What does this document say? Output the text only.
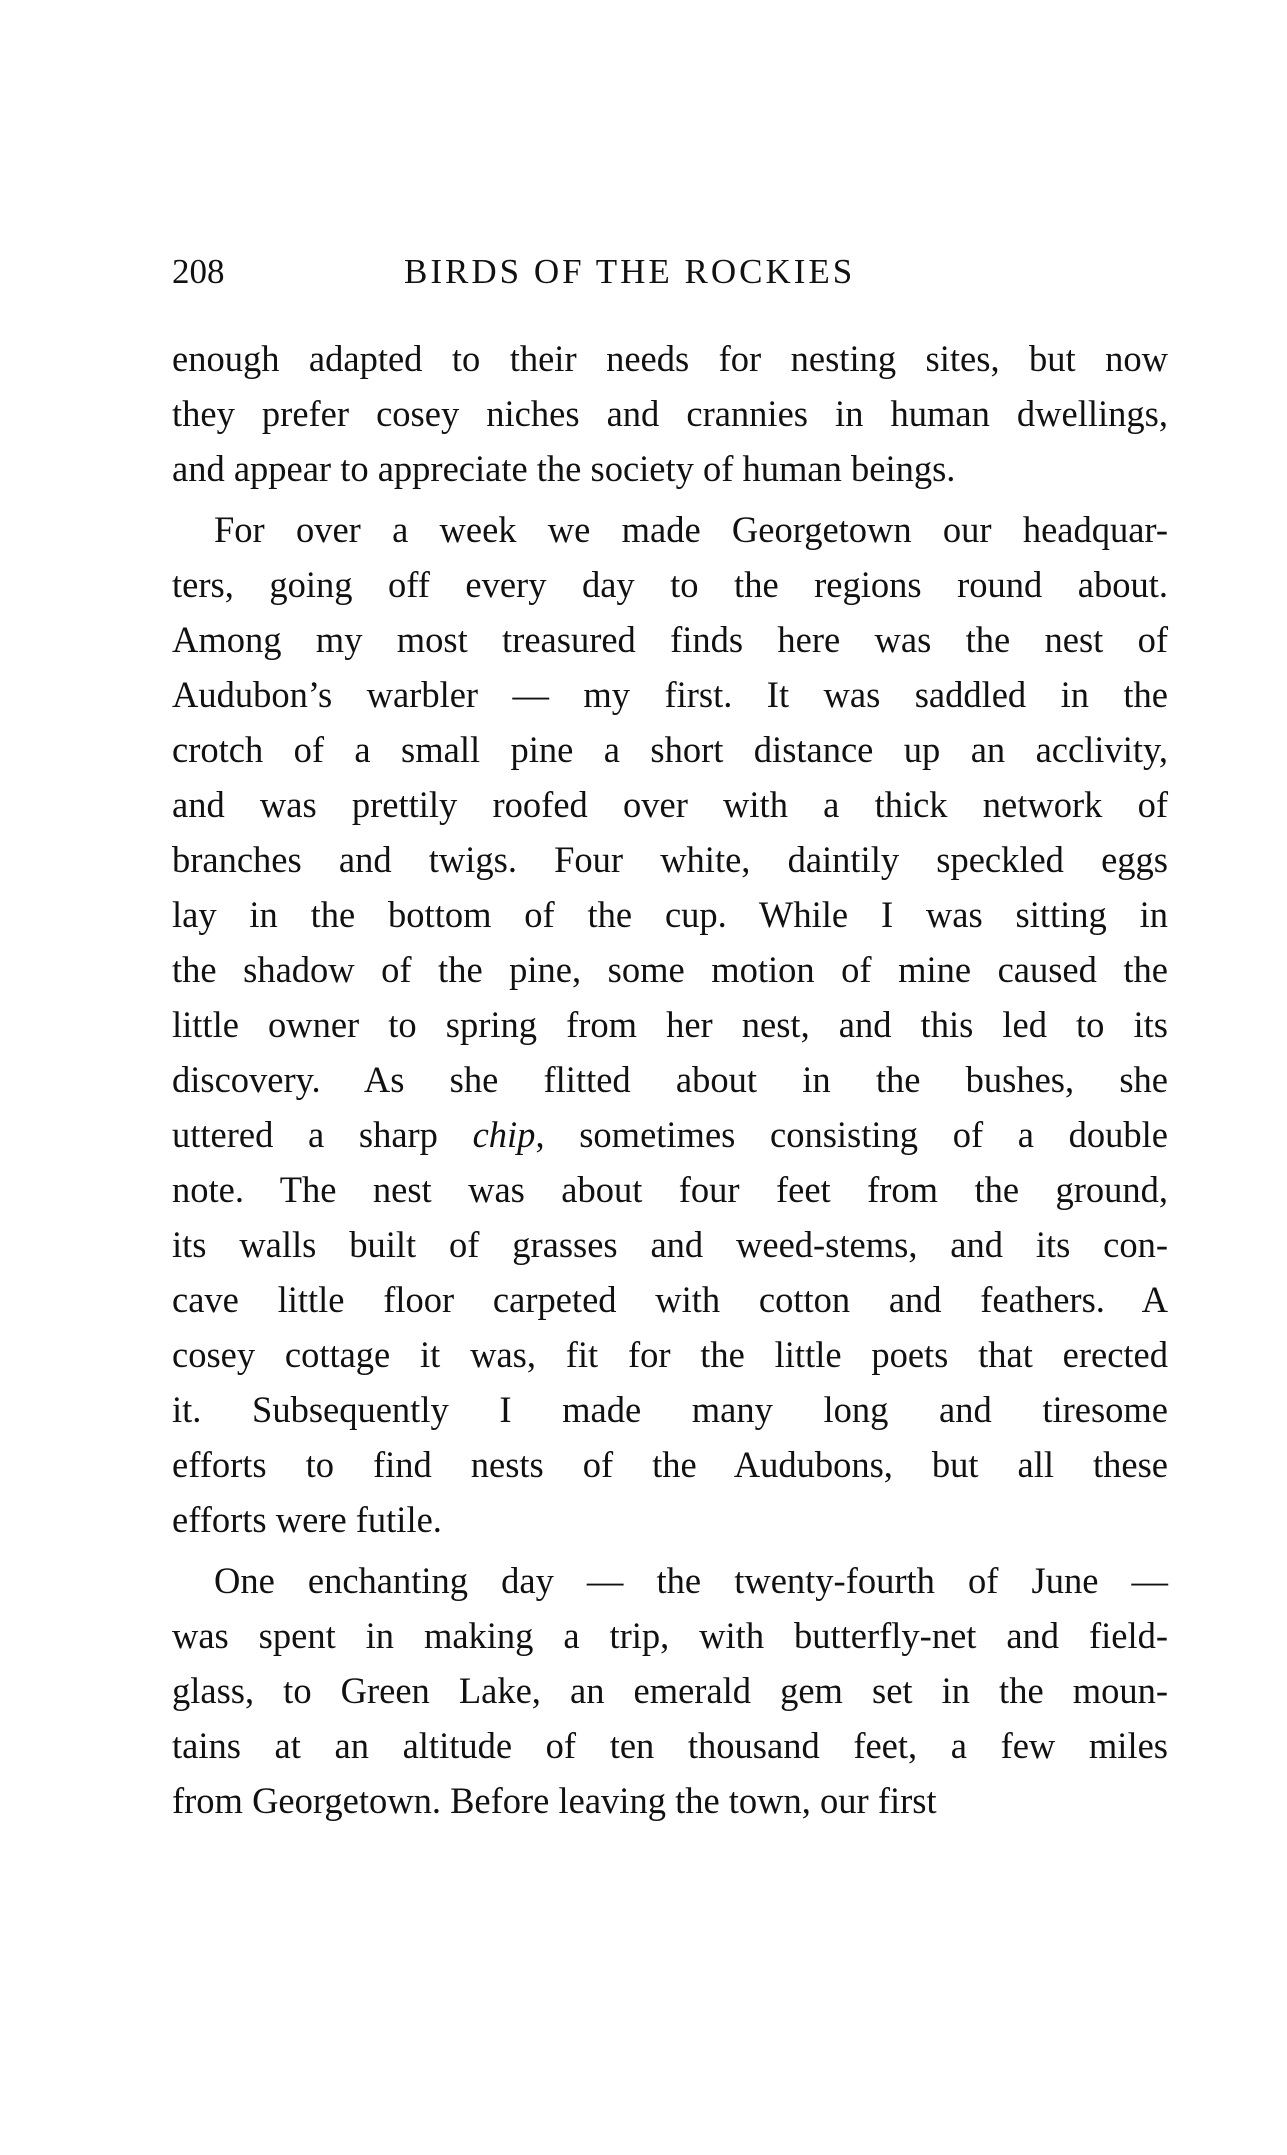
208	BIRDS OF THE ROCKIES
enough adapted to their needs for nesting sites, but now
they prefer cosey niches and crannies in human dwellings,
and appear to appreciate the society of human beings.
For over a week we made Georgetown our headquar-
ters, going off every day to the regions round about.
Among my most treasured finds here was the nest of
Audubon’s warbler — my first. It was saddled in the
crotch of a small pine a short distance up an acclivity,
and was prettily roofed over with a thick network of
branches and twigs. Four white, daintily speckled eggs
lay in the bottom of the cup. While I was sitting in
the shadow of the pine, some motion of mine caused the
little owner to spring from her nest, and this led to its
discovery. As she flitted about in the bushes, she
uttered a sharp chip, sometimes consisting of a double
note. The nest was about four feet from the ground,
its walls built of grasses and weed-stems, and its con-
cave little floor carpeted with cotton and feathers. A
cosey cottage it was, fit for the little poets that erected
it. Subsequently I made many long and tiresome
efforts to find nests of the Audubons, but all these
efforts were futile.
One enchanting day — the twenty-fourth of June —
was spent in making a trip, with butterfly-net and field-
glass, to Green Lake, an emerald gem set in the moun-
tains at an altitude of ten thousand feet, a few miles
from Georgetown. Before leaving the town, our first
